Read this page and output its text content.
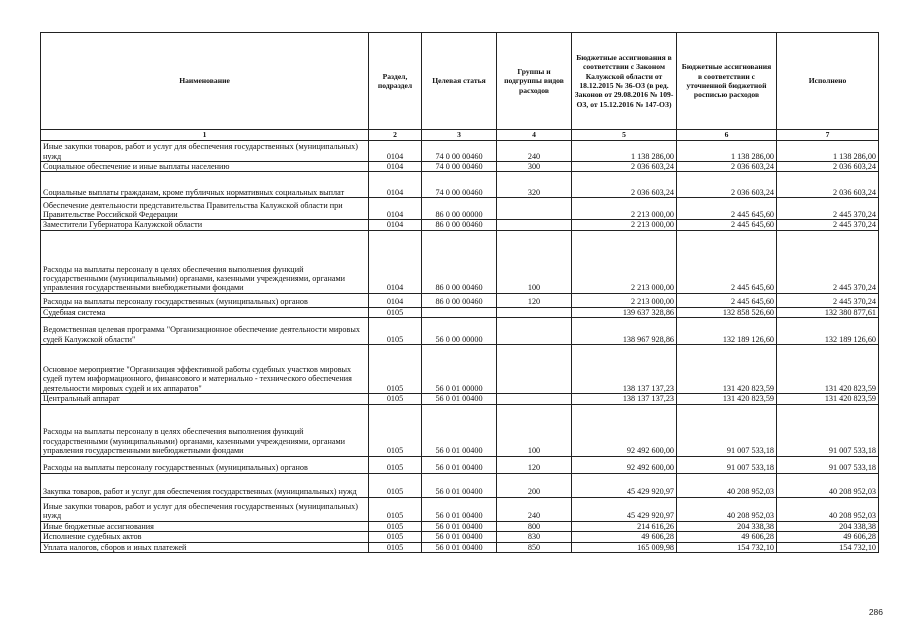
Наименование	Раздел, подраздел	Целевая статья	Группы и подгруппы видов расходов	Бюджетные ассигнования в соответствии с Законом Калужской области от 18.12.2015 № 36-ОЗ (в ред. Законов от 29.08.2016 № 109-ОЗ, от 15.12.2016 № 147-ОЗ)	Бюджетные ассигнования в соответствии с уточненной бюджетной росписью расходов	Исполнено
1	2	3	4	5	6	7
Иные закупки товаров, работ и услуг для обеспечения государственных (муниципальных) нужд	0104	74 0 00 00460	240	1 138 286,00	1 138 286,00	1 138 286,00
Социальное обеспечение и иные выплаты населению	0104	74 0 00 00460	300	2 036 603,24	2 036 603,24	2 036 603,24
Социальные выплаты гражданам, кроме публичных нормативных социальных выплат	0104	74 0 00 00460	320	2 036 603,24	2 036 603,24	2 036 603,24
Обеспечение деятельности представительства Правительства Калужской области при Правительстве Российской Федерации	0104	86 0 00 00000		2 213 000,00	2 445 645,60	2 445 370,24
Заместители Губернатора Калужской области	0104	86 0 00 00460		2 213 000,00	2 445 645,60	2 445 370,24
Расходы на выплаты персоналу в целях обеспечения выполнения функций государственными (муниципальными) органами, казенными учреждениями, органами управления государственными внебюджетными фондами	0104	86 0 00 00460	100	2 213 000,00	2 445 645,60	2 445 370,24
Расходы на выплаты персоналу государственных (муниципальных) органов	0104	86 0 00 00460	120	2 213 000,00	2 445 645,60	2 445 370,24
Судебная система	0105			139 637 328,86	132 858 526,60	132 380 877,61
Ведомственная целевая программа "Организационное обеспечение деятельности мировых судей Калужской области"	0105	56 0 00 00000		138 967 928,86	132 189 126,60	132 189 126,60
Основное мероприятие "Организация эффективной работы судебных участков мировых судей путем информационного, финансового и материально - технического обеспечения деятельности мировых судей и их аппаратов"	0105	56 0 01 00000		138 137 137,23	131 420 823,59	131 420 823,59
Центральный аппарат	0105	56 0 01 00400		138 137 137,23	131 420 823,59	131 420 823,59
Расходы на выплаты персоналу в целях обеспечения выполнения функций государственными (муниципальными) органами, казенными учреждениями, органами управления государственными внебюджетными фондами	0105	56 0 01 00400	100	92 492 600,00	91 007 533,18	91 007 533,18
Расходы на выплаты персоналу государственных (муниципальных) органов	0105	56 0 01 00400	120	92 492 600,00	91 007 533,18	91 007 533,18
Закупка товаров, работ и услуг для обеспечения государственных (муниципальных) нужд	0105	56 0 01 00400	200	45 429 920,97	40 208 952,03	40 208 952,03
Иные закупки товаров, работ и услуг для обеспечения государственных (муниципальных) нужд	0105	56 0 01 00400	240	45 429 920,97	40 208 952,03	40 208 952,03
Иные бюджетные ассигнования	0105	56 0 01 00400	800	214 616,26	204 338,38	204 338,38
Исполнение судебных актов	0105	56 0 01 00400	830	49 606,28	49 606,28	49 606,28
Уплата налогов, сборов и иных платежей	0105	56 0 01 00400	850	165 009,98	154 732,10	154 732,10
286
